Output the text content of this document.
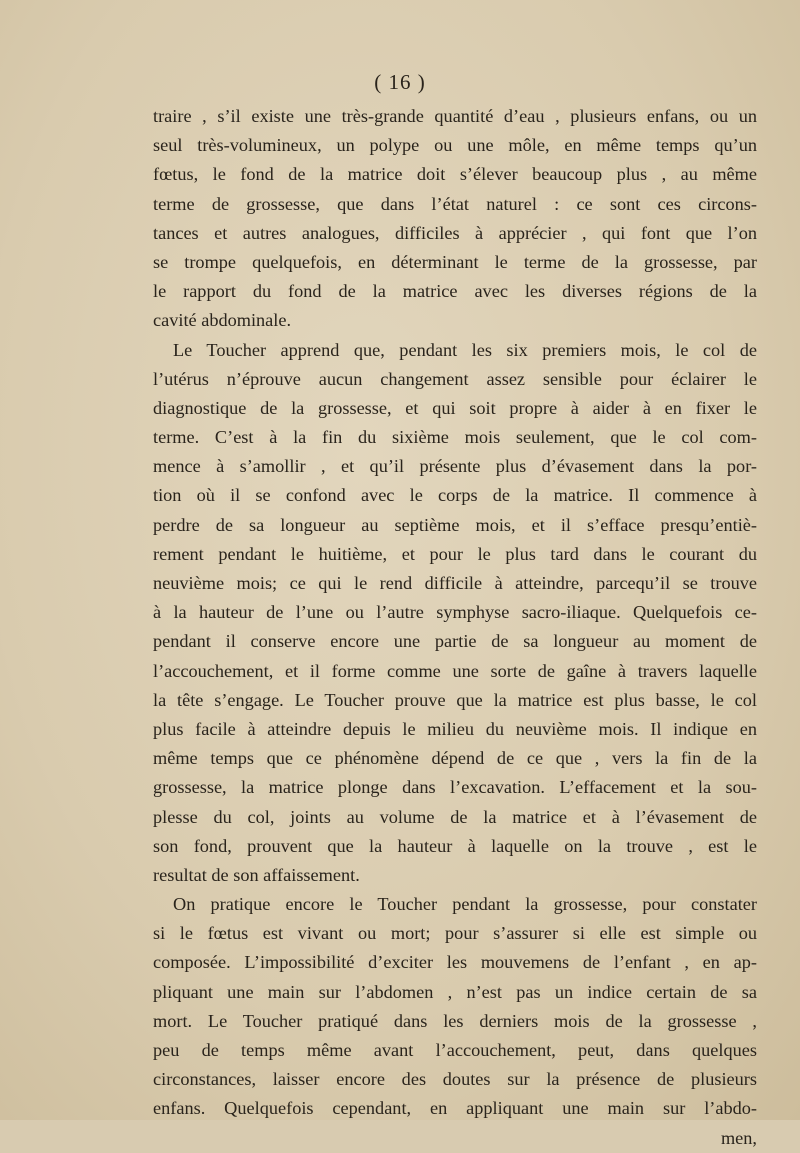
( 16 )

traire , s’il existe une très-grande quantité d’eau , plusieurs enfans, ou un
seul très-volumineux, un polype ou une môle, en même temps qu’un
fœtus, le fond de la matrice doit s’élever beaucoup plus , au même
terme de grossesse, que dans l’état naturel : ce sont ces circons-
tances et autres analogues, difficiles à apprécier , qui font que l’on
se trompe quelquefois, en déterminant le terme de la grossesse, par
le rapport du fond de la matrice avec les diverses régions de la
cavité abdominale.
Le Toucher apprend que, pendant les six premiers mois, le col de
l’utérus n’éprouve aucun changement assez sensible pour éclairer le
diagnostique de la grossesse, et qui soit propre à aider à en fixer le
terme. C’est à la fin du sixième mois seulement, que le col com-
mence à s’amollir , et qu’il présente plus d’évasement dans la por-
tion où il se confond avec le corps de la matrice. Il commence à
perdre de sa longueur au septième mois, et il s’efface presqu’entiè-
rement pendant le huitième, et pour le plus tard dans le courant du
neuvième mois; ce qui le rend difficile à atteindre, parcequ’il se trouve
à la hauteur de l’une ou l’autre symphyse sacro-iliaque. Quelquefois ce-
pendant il conserve encore une partie de sa longueur au moment de
l’accouchement, et il forme comme une sorte de gaîne à travers laquelle
la tête s’engage. Le Toucher prouve que la matrice est plus basse, le col
plus facile à atteindre depuis le milieu du neuvième mois. Il indique en
même temps que ce phénomène dépend de ce que , vers la fin de la
grossesse, la matrice plonge dans l’excavation. L’effacement et la sou-
plesse du col, joints au volume de la matrice et à l’évasement de
son fond, prouvent que la hauteur à laquelle on la trouve , est le
resultat de son affaissement.
On pratique encore le Toucher pendant la grossesse, pour constater
si le fœtus est vivant ou mort; pour s’assurer si elle est simple ou
composée. L’impossibilité d’exciter les mouvemens de l’enfant , en ap-
pliquant une main sur l’abdomen , n’est pas un indice certain de sa
mort. Le Toucher pratiqué dans les derniers mois de la grossesse ,
peu de temps même avant l’accouchement, peut, dans quelques
circonstances, laisser encore des doutes sur la présence de plusieurs
enfans. Quelquefois cependant, en appliquant une main sur l’abdo-
men,
